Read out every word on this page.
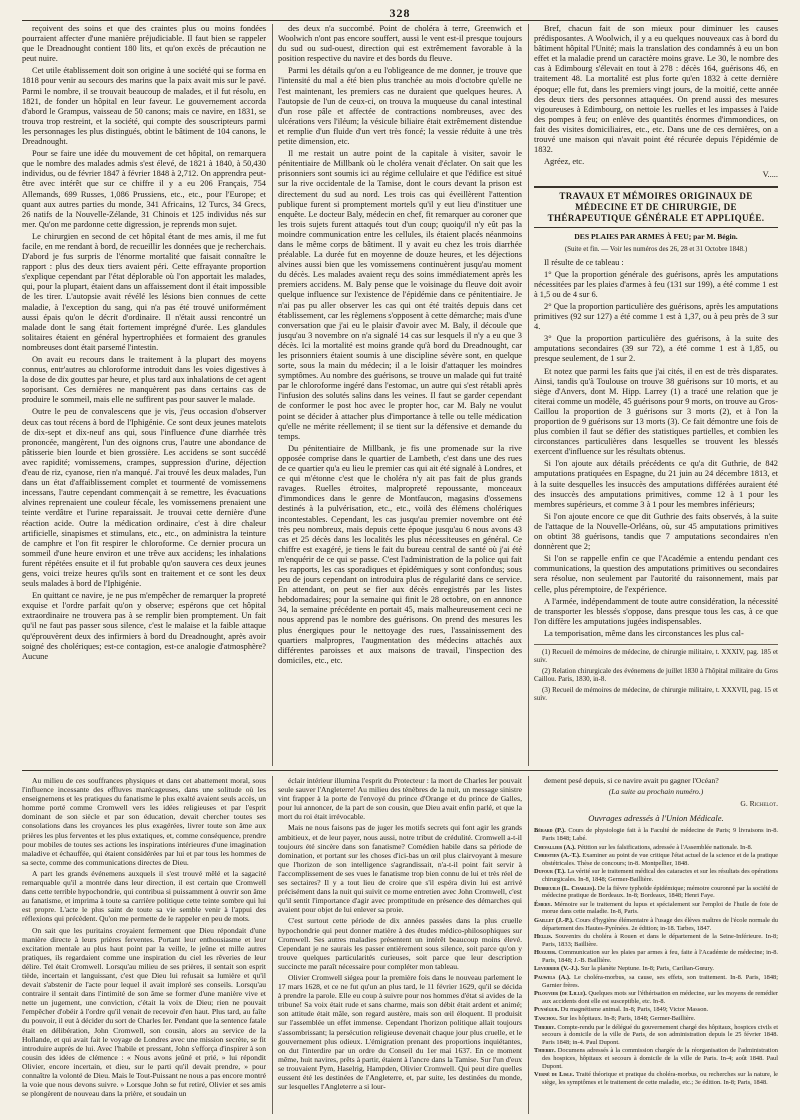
328

reçoivent des soins et que des craintes plus ou moins fondées pourraient affecter d'une manière préjudiciable. Il faut bien se rappeler que le Dreadnought contient 180 lits, et qu'on excès de précaution ne peut nuire.

Cet utile établissement doit son origine à une société qui se forma en 1818 pour venir au secours des marins que la paix avait mis sur le pavé. Parmi le nombre, il se trouvait beaucoup de malades, et il fut résolu, en 1821, de fonder un hôpital en leur faveur. Le gouvernement accorda d'abord le Grampus, vaisseau de 50 canons; mais ce navire, en 1831, se trouva trop restreint, et la société, qui compte des souscripteurs parmi les personnages les plus distingués, obtint le bâtiment de 104 canons, le Dreadnought.

Pour se faire une idée du mouvement de cet hôpital, on remarquera que le nombre des malades admis s'est élevé, de 1821 à 1840, à 50,430 individus, ou de février 1847 à février 1848 à 2,712. On apprendra peut-être avec intérêt que sur ce chiffre il y a eu 206 Français, 754 Allemands, 699 Russes, 1,086 Prussiens, etc., etc., pour l'Europe; et quant aux autres parties du monde, 341 Africains, 12 Turcs, 34 Grecs, 26 natifs de la Nouvelle-Zélande, 31 Chinois et 125 individus nés sur mer. Qu'on me pardonne cette digression, je reprends mon sujet.

Le chirurgien en second de cet hôpital étant de mes amis, il me fut facile, en me rendant à bord, de recueillir les données que je recherchais. D'abord je fus surpris de l'énorme mortalité que faisait connaître le rapport : plus des deux tiers avaient péri. Cette effrayante proportion s'explique cependant par l'état déplorable où l'on apportait les malades, qui, pour la plupart, étaient dans un affaissement dont il était impossible de les tirer. L'autopsie avait révélé les lésions bien connues de cette maladie, à l'exception du sang, qui n'a pas été trouvé uniformément aussi épais qu'on le décrit d'ordinaire. Il n'était aussi rencontré un malade dont le sang était fortement imprégné d'urée. Les glandules solitaires étaient en général hypertrophiées et formaient des granules nombreuses dont était parsemé l'intestin.

On avait eu recours dans le traitement à la plupart des moyens connus, entr'autres au chloroforme introduit dans les voies digestives à la dose de dix gouttes par heure, et plus tard aux inhalations de cet agent soporisant. Ces dernières ne manquèrent pas dans certains cas de produire le sommeil, mais elle ne suffirent pas pour sauver le malade.

Outre le peu de convalescens que je vis, j'eus occasion d'observer deux cas tout récens à bord de l'Iphigénie. Ce sont deux jeunes matelots de dix-sept et dix-neuf ans qui, sous l'influence d'une diarrhée très prononcée, mangèrent, l'un des oignons crus, l'autre une abondance de pâtisserie bien lourde et bien grossière. Les accidens se sont succédé avec rapidité; vomissemens, crampes, suppression d'urine, déjection d'eau de riz, cyanose, rien n'a manqué. J'ai trouvé les deux malades, l'un dans un état d'affaiblissement complet et tourmenté de vomissemens incessans, l'autre cependant commençait à se remettre, les évacuations alvines reprenaient une couleur fécale, les vomissemens prenaient une teinte verdâtre et l'urine reparaissait. Je trouvai cette dernière d'une réaction acide. Outre la médication ordinaire, c'est à dire chaleur artificielle, sinapismes et stimulans, etc., etc., on administra la teinture de camphre et l'on fit respirer le chloroforme. Ce dernier procura un sommeil d'une heure environ et une trêve aux accidens; les inhalations furent répétées ensuite et il fut probable qu'on sauvera ces deux jeunes gens, voici treize heures qu'ils sont en traitement et ce sont les deux seuls malades à bord de l'Iphigénie.

En quittant ce navire, je ne pus m'empêcher de remarquer la propreté exquise et l'ordre parfait qu'on y observe; espérons que cet hôpital extraordinaire ne trouvera pas à se remplir bien promptement. Un fait qu'il ne faut pas passer sous silence, c'est le malaise et la faible attaque qu'éprouvèrent deux des infirmiers à bord du Dreadnought, après avoir soigné des cholériques; est-ce contagion, est-ce analogie d'atmosphère? Aucune

des deux n'a succombé. Point de choléra à terre, Greenwich et Woolwich n'ont pas encore souffert, aussi le vent est-il presque toujours du sud ou sud-ouest, direction qui est extrêmement favorable à la position respective du navire et des bords du fleuve.

Parmi les détails qu'on a eu l'obligeance de me donner, je trouve que l'intensité du mal a été bien plus tranchée au mois d'octobre qu'elle ne l'est maintenant, les premiers cas ne duraient que quelques heures. A l'autopsie de l'un de ceux-ci, on trouva la muqueuse du canal intestinal d'un rose pâle et affectée de contractions nombreuses, avec des ulcérations vers l'iléum; la vésicule biliaire était extrêmement distendue et remplie d'un fluide d'un vert très foncé; la vessie réduite à une très petite dimension, etc.

Il me restait un autre point de la capitale à visiter, savoir le pénitentiaire de Millbank où le choléra venait d'éclater. On sait que les prisonniers sont soumis ici au régime cellulaire et que l'édifice est situé sur la rive occidentale de la Tamise, dont le cours devant la prison est directement du sud au nord. Les trois cas qui éveillèrent l'attention publique furent si promptement mortels qu'il y eut lieu d'instituer une enquête. Le docteur Baly, médecin en chef, fit remarquer au coroner que les trois sujets furent attaqués tout d'un coup; quoiqu'il n'y eût pas la moindre communication entre les cellules, ils étaient placés néanmoins dans le même corps de bâtiment. Il y avait eu chez les trois diarrhée préalable. La durée fut en moyenne de douze heures, et les déjections alvines aussi bien que les vomissemens continuèrent jusqu'au moment du décès. Les malades avaient reçu des soins immédiatement après les premiers accidens. M. Baly pense que le voisinage du fleuve doit avoir quelque influence sur l'existence de l'épidémie dans ce pénitentiaire. Je n'ai pas pu aller observer les cas qui ont été traités depuis dans cet établissement, car les règlemens s'opposent à cette démarche; mais d'une conversation que j'ai eu le plaisir d'avoir avec M. Baly, il découle que jusqu'au 3 novembre on n'a signalé 14 cas sur lesquels il n'y a eu que 3 décès. Ici la mortalité est moins grande qu'à bord du Dreadnought, car les prisonniers étaient soumis à une discipline sévère sont, en quelque sorte, sous la main du médecin; il a le loisir d'attaquer les moindres symptômes. Au nombre des guérisons, se trouve un malade qui fut traité par le chloroforme ingéré dans l'estomac, un autre qui s'est rétabli après l'infusion des solutés salins dans les veines. Il faut se garder cependant de conformer le post hoc avec le propter hoc, car M. Baly ne voulut point se décider à attacher plus d'importance à telle ou telle médication qu'elle ne mérite réellement; il se tient sur la défensive et demande du temps.

Du pénitentiaire de Millbank, je fis une promenade sur la rive opposée comprise dans le quartier de Lambeth, c'est dans une des rues de ce quartier qu'a eu lieu le premier cas qui ait été signalé à Londres, et ce qui m'étonne c'est que le choléra n'y ait pas fait de plus grands ravages. Ruelles étroites, malpropreté repoussante, monceaux d'immondices dans le genre de Montfaucon, magasins d'ossemens destinés à la pulvérisation, etc., etc., voilà des élémens cholériques incontestables. Cependant, les cas jusqu'au premier novembre ont été très peu nombreux, mais depuis cette époque jusqu'au 6 nous avons 43 cas et 25 décès dans les localités les plus nécessiteuses en général. Ce chiffre est exagéré, je tiens le fait du bureau central de santé où j'ai été m'enquérir de ce qui se passe. C'est l'administration de la police qui fait les rapports, les cas sporadiques et épidémiques y sont confondus; sous peu de jours cependant on introduira plus de régularité dans ce service. En attendant, on peut se fier aux décès enregistrés par les listes hebdomadaires; pour la semaine qui finit le 28 octobre, on en annonce 34, la semaine précédente en portait 45, mais malheureusement ceci ne nous apprend pas le nombre des guérisons. On prend des mesures les plus énergiques pour le nettoyage des rues, l'assainissement des quartiers malpropres, l'augmentation des médecins attachés aux différentes paroisses et aux maisons de travail, l'inspection des domiciles, etc., etc.

Bref, chacun fait de son mieux pour diminuer les causes prédisposantes. A Woolwich, il y a eu quelques nouveaux cas à bord du bâtiment hôpital l'Unité; mais la translation des condamnés à eu un bon effet et la maladie prend un caractère moins grave. Le 30, le nombre des cas à Edimbourg s'élevait en tout à 278 : décès 164, guérisons 46, en traitement 48. La mortalité est plus forte qu'en 1832 à cette dernière époque; elle fut, dans les premiers vingt jours, de la moitié, cette année des deux tiers des personnes attaquées. On prend aussi des mesures vigoureuses à Edimbourg, on nettoie les ruelles et les impasses à l'aide des pompes à feu; on enlève des quantités énormes d'immondices, on fait des visites domiciliaires, etc., etc. Dans une de ces dernières, on a trouvé une maison qui n'avait point été récurée depuis l'épidémie de 1832.

Agréez, etc.

V.....
TRAVAUX ET MÉMOIRES ORIGINAUX DE MÉDECINE ET DE CHIRURGIE, DE THÉRAPEUTIQUE GÉNÉRALE ET APPLIQUÉE.
DES PLAIES PAR ARMES À FEU; par M. Bégin.
(Suite et fin. — Voir les numéros des 26, 28 et 31 Octobre 1848.)

Il résulte de ce tableau :

1° Que la proportion générale des guérisons, après les amputations nécessitées par les plaies d'armes à feu (131 sur 199), a été comme 1 est à 1,5 ou de 4 sur 6.

2° Que la proportion particulière des guérisons, après les amputations primitives (92 sur 127) a été comme 1 est à 1,37, ou à peu près de 3 sur 4.

3° Que la proportion particulière des guérisons, à la suite des amputations secondaires (39 sur 72), a été comme 1 est à 1,85, ou presque seulement, de 1 sur 2.

Et notez que parmi les faits que j'ai cités, il en est de très disparates. Ainsi, tandis qu'à Toulouse on trouve 38 guérisons sur 10 morts, et au siège d'Anvers, dont M. Hipp. Larrey (1) a tracé une relation que je citerai comme un modèle, 45 guérisons pour 9 morts, on trouve au Gros-Caillou la proportion de 3 guérisons sur 3 morts (2), et à l'on la proportion de 9 guérisons sur 13 morts (3). Ce fait démontre une fois de plus combien il faut se défier des statistiques partielles, et combien les circonstances particulières dans lesquelles se trouvent les blessés exercent d'influence sur les résultats obtenus.

Si l'on ajoute aux détails précédents ce qu'a dit Guthrie, de 842 amputations pratiquées en Espagne, du 21 juin au 24 décembre 1813, et à la suite desquelles les insuccès des amputations différées auraient été des insuccès des amputations primitives, comme 12 à 1 pour les membres supérieurs, et comme 3 à 1 pour les membres inférieurs;

Si l'on ajoute encore ce que dit Guthrie des faits observés, à la suite de l'attaque de la Nouvelle-Orléans, où, sur 45 amputations primitives on obtint 38 guérisons, tandis que 7 amputations secondaires n'en donnèrent que 2;

Si l'on se rappelle enfin ce que l'Académie a entendu pendant ces communications, la question des amputations primitives ou secondaires sera résolue, non seulement par l'autorité du raisonnement, mais par celle, plus péremptoire, de l'expérience.

A l'armée, indépendamment de toute autre considération, la nécessité de transporter les blessés s'oppose, dans presque tous les cas, à ce que l'on diffère les amputations jugées indispensables.

La temporisation, même dans les circonstances les plus cal-

(1) Recueil de mémoires de médecine, de chirurgie militaire, t. XXXIV, pag. 185 et suiv.

(2) Relation chirurgicale des événemens de juillet 1830 à l'hôpital militaire du Gros Caillou. Paris, 1830, in-8.

(3) Recueil de mémoires de médecine, de chirurgie militaire, t. XXXVII, pag. 15 et suiv.

Au milieu de ces souffrances physiques et dans cet abattement moral, sous l'influence incessante des effluves marécageuses, dans une solitude où les enseignemens et les pratiques du fanatisme le plus exalté avaient seuls accès, un homme porté comme Cromwell vers les idées religieuses et par l'esprit dominant de son siècle et par son éducation, devait chercher toutes ses consolations dans les croyances les plus exagérées, livrer toute son âme aux prières les plus ferventes et les plus extatiques, et, comme conséquence, prendre pour mobiles de toutes ses actions les inspirations intérieures d'une imagination maladive et échauffée, qui étaient considérées par lui et par tous les hommes de sa secte, comme des communications directes de Dieu.

A part les grands événemens auxquels il s'est trouvé mêlé et la sagacité remarquable qu'il a montrée dans leur direction, il est certain que Cromwell dans cette terrible hypochondrie, qui contribua si puissamment à ouvrir son âme au fanatisme, et imprima à toute sa carrière politique cette teinte sombre qui lui est propre. L'acte le plus saint de toute sa vie semble venir à l'appui des réflexions qui précèdent. Qu'on me permette de le rappeler en peu de mots.

On sait que les puritains croyaient fermement que Dieu répondait d'une manière directe à leurs prières ferventes. Portant leur enthousiasme et leur excitation mentale au plus haut point par la veille, le jeûne et mille autres pratiques, ils regardaient comme une inspiration du ciel les rêveries de leur délire. Tel était Cromwell. Lorsqu'au milieu de ses prières, il sentait son esprit tiède, incertain et languissant, c'est que Dieu lui refusait sa lumière et qu'il devait s'abstenir de l'acte pour lequel il avait imploré ses conseils. Lorsqu'au contraire il sentait dans l'intimité de son âme se former d'une manière vive et nette un jugement, une conviction, c'était la voix de Dieu; rien ne pouvait l'empêcher d'obéir à l'ordre qu'il venait de recevoir d'en haut. Plus tard, au faîte du pouvoir, il eut à décider du sort de Charles Ier. Pendant que la sentence fatale était en délibération, John Cromwell, son cousin, alors au service de la Hollande, et qui avait fait le voyage de Londres avec une mission secrète, se fit introduire auprès de lui. Avec l'habile et pressant, John s'efforça d'inspirer à son cousin des idées de clémence : « Nous avons jeûné et prié, » lui répondit Olivier, encore incertain, et dieu, sur le parti qu'il devait prendre, » pour connaître la volonté de Dieu. Mais le Tout-Puissant ne nous a pas encore montré la voie que nous devons suivre. » Lorsque John se fut retiré, Olivier et ses amis se plongèrent de nouveau dans la prière, et soudain un

éclair intérieur illumina l'esprit du Protecteur : la mort de Charles Ier pouvait seule sauver l'Angleterre! Au milieu des ténèbres de la nuit, un message sinistre vint frapper à la porte de l'envoyé du prince d'Orange et du prince de Galles, pour lui annoncer, de la part de son cousin, que Dieu avait enfin parlé, et que la mort du roi était irrévocable.

Mais ne nous faisons pas de juger les motifs secrets qui font agir les grands ambitieux, et de leur payer, nous aussi, notre tribut de crédulité. Cromwell a-t-il toujours été sincère dans son fanatisme? Comédien habile dans sa période de domination, et portant sur les choses d'ici-bas un œil plus clairvoyant à mesure que l'horizon de son intelligence s'agrandissait, n'a-t-il point fait servir à l'accomplissement de ses vues le fanatisme trop bien connu de lui et très réel de ses sectaires? Il y a tout lieu de croire que s'il espéra divin lui est arrivé précisément dans la nuit qui suivit ce morne entretien avec John Cromwell, c'est qu'il sentit l'importance d'agir avec promptitude en présence des démarches qui avaient pour objet de lui enlever sa proie.

C'est surtout cette période de dix années passées dans la plus cruelle hypochondrie qui peut donner matière à des études médico-philosophiques sur Cromwell. Ses autres maladies présentent un intérêt beaucoup moins élevé. Cependant je ne saurais les passer entièrement sous silence, soit parce qu'on y trouve quelques particularités curieuses, soit parce que leur description succincte me paraît nécessaire pour compléter mon tableau.

Olivier Cromwell siégea pour la première fois dans le nouveau parlement le 17 mars 1628, et ce ne fut qu'un an plus tard, le 11 février 1629, qu'il se décida à prendre la parole. Elle eu coup à suivre pour nos hommes d'état si avides de la tribune! Sa voix était rude et sans charme, mais son débit était ardent et animé; son attitude était mâle, son regard austère, mais son œil éloquent. Il produisit sur l'assemblée un effet immense. Cependant l'horizon politique allait toujours s'assombrissant; la persécution religieuse devenait chaque jour plus cruelle, et le gouvernement plus odieux. L'émigration prenant des proportions inquiétantes, on dut l'interdire par un ordre du Conseil du 1er mai 1637. En ce moment même, huit navires, prêts à partir, étaient à l'ancre dans la Tamise. Sur l'un d'eux se trouvaient Pym, Haselrig, Hampden, Olivier Cromwell. Qui peut dire quelles eussent été les destinées de l'Angleterre, et, par suite, les destinées du monde, sur lesquelles l'Angleterre a si lour-

dement pesé depuis, si ce navire avait pu gagner l'Océan?

(La suite au prochain numéro.)
G. Richelot.
Ouvrages adressés à l'Union Médicale.

Bérard (P.). Cours de physiologie fait à la Faculté de médecine de Paris; 9 livraisons in-8. Paris 1848; Labé.

Chevallier (A.). Pétition sur les falsifications, adressée à l'Assemblée nationale. In-8.

Chrestien (A.-T.). Examiner au point de vue critique l'état actuel de la science et de la pratique obstétricales. Thèse de concours; in-8. Montpellier, 1848.

Dufour (T.). La vérité sur le traitement médical des cataractes et sur les résultats des opérations chirurgicales. In-8, 1848; Germer-Baillière.

Dubreuilh (L. Charles). De la fièvre typhoïde épidémique; mémoire couronné par la société de médecine pratique de Bordeaux. In-8; Bordeaux, 1848; Henri Faye.

Émery. Mémoire sur le traitement du lupus et spécialement sur l'emploi de l'huile de foie de morue dans cette maladie. In-8, Paris.

Gaillet (J.-P.). Cours d'hygiène élémentaire à l'usage des élèves maîtres de l'école normale du département des Hautes-Pyrénées. 2e édition; in-18. Tarbes, 1847.

Hellis. Souvenirs du choléra à Rouen et dans le département de la Seine-Inférieure. In-8; Paris, 1833; Baillière.

Huguier. Communication sur les plaies par armes à feu, faite à l'Académie de médecine; in-8. Paris, 1848; J.-B. Baillière.

Leverrier (V.-J.). Sur la planète Neptune. In-8; Paris, Carilian-Gœury.

Pauwels (A.). Le choléra-morbus, sa cause, ses effets, son traitement. In-8. Paris, 1848; Garnier frères.

Pilouvier (de Lille). Quelques mots sur l'éthérisation en médecine, sur les moyens de remédier aux accidents dont elle est susceptible, etc. In-8.

Puységur. Du magnétisme animal. In-8; Paris, 1849; Victor Masson.

Tanchou. Sur les hôpitaux. In-8; Paris, 1848; Germer-Baillière.

Thierry. Compte-rendu par le délégué du gouvernement chargé des hôpitaux, hospices civils et secours à domicile de la ville de Paris, de son administration depuis le 25 février 1848. Paris 1848; in-4. Paul Dupont.

Thierry. Documens adressés à la commission chargée de la réorganisation de l'administration des hospices, hôpitaux et secours à domicile de la ville de Paris. In-4; août 1848. Paul Dupont.

Verné de Lisle. Traité théorique et pratique du choléra-morbus, ou recherches sur la nature, le siège, les symptômes et le traitement de cette maladie, etc.; 3e édition. In-8; Paris, 1848.
